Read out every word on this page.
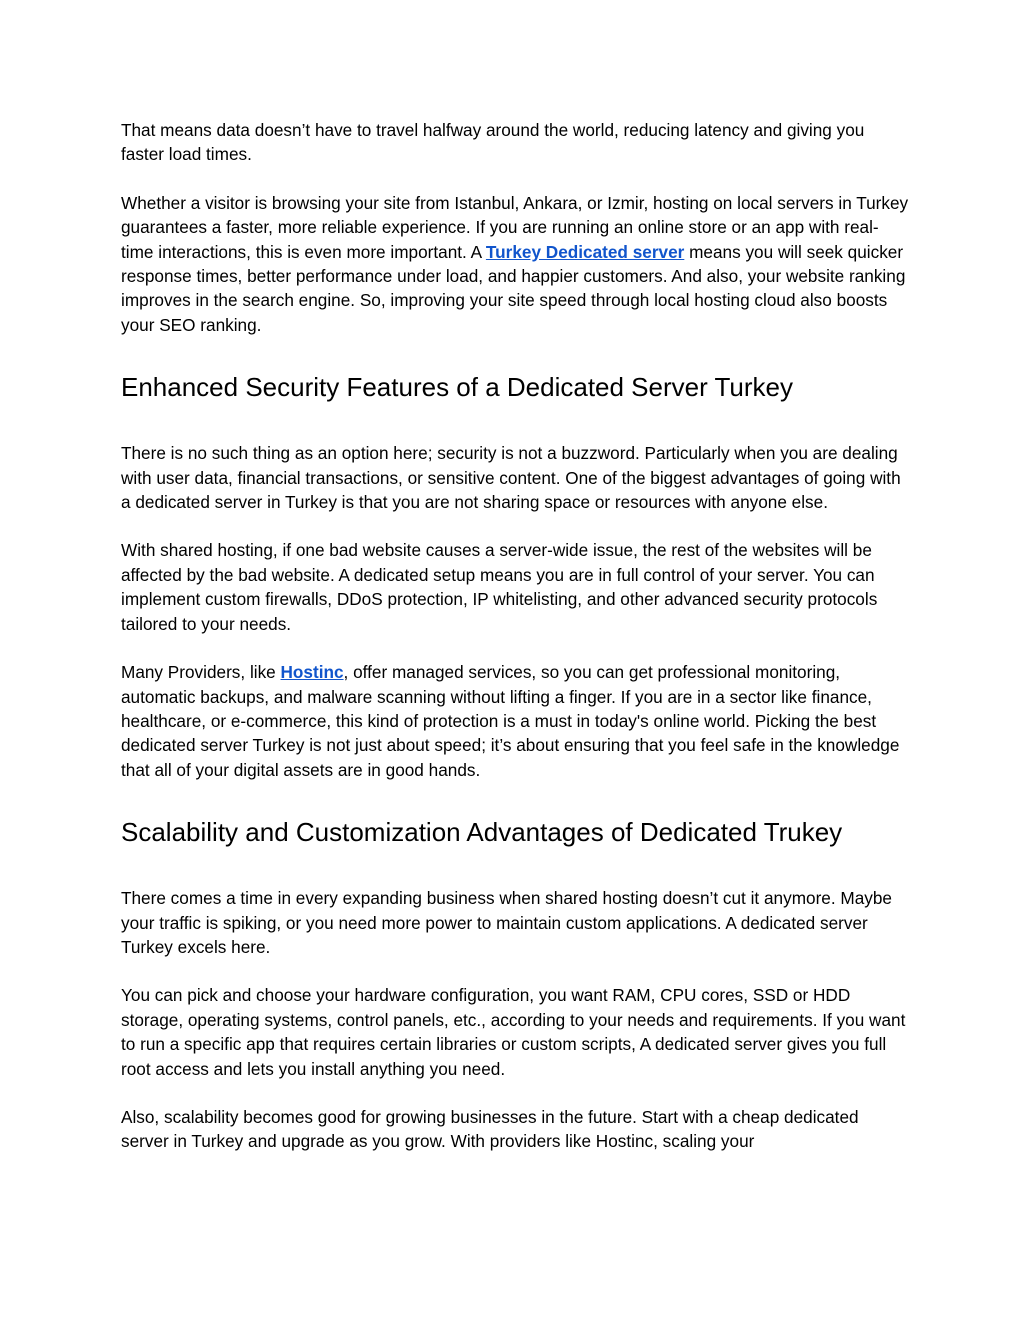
That means data doesn’t have to travel halfway around the world, reducing latency and giving you faster load times.

Whether a visitor is browsing your site from Istanbul, Ankara, or Izmir, hosting on local servers in Turkey guarantees a faster, more reliable experience. If you are running an online store or an app with real-time interactions, this is even more important. A Turkey Dedicated server means you will seek quicker response times, better performance under load, and happier customers. And also, your website ranking improves in the search engine. So, improving your site speed through local hosting cloud also boosts your SEO ranking.

Enhanced Security Features of a Dedicated Server Turkey

There is no such thing as an option here; security is not a buzzword. Particularly when you are dealing with user data, financial transactions, or sensitive content. One of the biggest advantages of going with a dedicated server in Turkey is that you are not sharing space or resources with anyone else.

With shared hosting, if one bad website causes a server-wide issue, the rest of the websites will be affected by the bad website. A dedicated setup means you are in full control of your server. You can implement custom firewalls, DDoS protection, IP whitelisting, and other advanced security protocols tailored to your needs.

Many Providers, like Hostinc, offer managed services, so you can get professional monitoring, automatic backups, and malware scanning without lifting a finger. If you are in a sector like finance, healthcare, or e-commerce, this kind of protection is a must in today's online world. Picking the best dedicated server Turkey is not just about speed; it’s about ensuring that you feel safe in the knowledge that all of your digital assets are in good hands.

Scalability and Customization Advantages of Dedicated Trukey

There comes a time in every expanding business when shared hosting doesn’t cut it anymore. Maybe your traffic is spiking, or you need more power to maintain custom applications. A dedicated server Turkey excels here.

You can pick and choose your hardware configuration, you want RAM, CPU cores, SSD or HDD storage, operating systems, control panels, etc., according to your needs and requirements. If you want to run a specific app that requires certain libraries or custom scripts, A dedicated server gives you full root access and lets you install anything you need.

Also, scalability becomes good for growing businesses in the future. Start with a cheap dedicated server in Turkey and upgrade as you grow. With providers like Hostinc, scaling your
